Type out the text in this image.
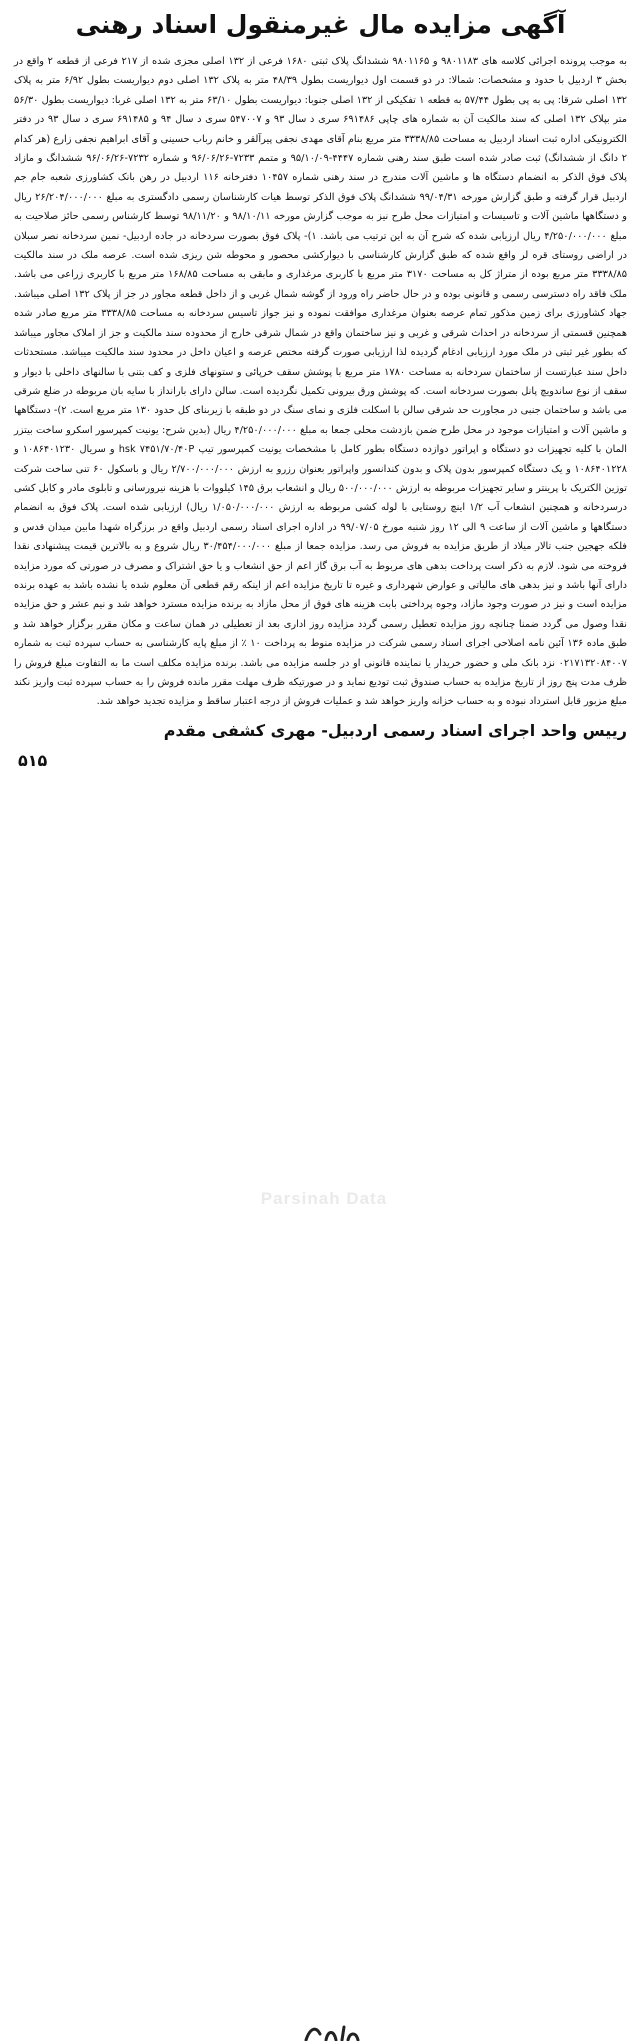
آگهی مزایده مال غیرمنقول اسناد رهنی

به موجب پرونده اجرائی کلاسه های ۹۸۰۱۱۸۳ و ۹۸۰۱۱۶۵ ششدانگ پلاک ثبتی ۱۶۸۰ فرعی از ۱۳۲ اصلی مجزی شده از ۲۱۷ فرعی از قطعه ۲ واقع در بخش ۳ اردبیل با حدود و مشخصات: شمالا: در دو قسمت اول دیواریست بطول ۴۸/۳۹ متر به پلاک ۱۳۲ اصلی دوم دیواریست بطول ۶/۹۲ متر به پلاک ۱۳۲ اصلی شرقا: پی به پی بطول ۵۷/۴۴ به قطعه ۱ تفکیکی از ۱۳۲ اصلی جنوبا: دیواریست بطول ۶۳/۱۰ متر به ۱۳۲ اصلی غربا: دیواریست بطول ۵۶/۳۰ متر بپلاک ۱۳۲ اصلی که سند مالکیت آن به شماره های چاپی ۶۹۱۴۸۶ سری د سال ۹۳ و ۵۴۷۰۰۷ سری د سال ۹۴ و ۶۹۱۴۸۵ سری د سال ۹۳ در دفتر الکترونیکی اداره ثبت اسناد اردبیل به مساحت ۳۳۳۸/۸۵ متر مربع بنام آقای مهدی نجفی پیرآلقر و خانم رباب حسینی و آقای ابراهیم نجفی زارع (هر کدام ۲ دانگ از ششدانگ) ثبت صادر شده است طبق سند رهنی شماره ۴۴۴۷-۹۵/۱۰/۰۹ و متمم ۷۲۳۳-۹۶/۰۶/۲۶ و شماره ۷۲۳۲-۹۶/۰۶/۲۶ ششدانگ و مازاد پلاک فوق الذکر به انضمام دستگاه ها و ماشین آلات مندرج در سند رهنی شماره ۱۰۴۵۷ دفترخانه ۱۱۶ اردبیل در رهن بانک کشاورزی شعبه جام جم اردبیل قرار گرفته و طبق گزارش مورخه ۹۹/۰۴/۳۱ ششدانگ پلاک فوق الذکر توسط هیات کارشناسان رسمی دادگستری به مبلغ ۲۶/۲۰۴/۰۰۰/۰۰۰ ریال و دستگاهها ماشین آلات و تاسیسات و امتیازات محل طرح نیز به موجب گزارش مورخه ۹۸/۱۰/۱۱ و ۹۸/۱۱/۲۰ توسط کارشناس رسمی حائز صلاحیت به مبلغ ۴/۲۵۰/۰۰۰/۰۰۰ ریال ارزیابی شده که شرح آن به این ترتیب می باشد. ۱)- پلاک فوق بصورت سردخانه در جاده اردبیل- نمین سردخانه نصر سبلان در اراضی روستای قره لر واقع شده که طبق گزارش کارشناسی با دیوارکشی محصور و محوطه شن ریزی شده است. عرصه ملک در سند مالکیت ۳۳۳۸/۸۵ متر مربع بوده از متراژ کل به مساحت ۳۱۷۰ متر مربع با کاربری مرغداری و مابقی به مساحت ۱۶۸/۸۵ متر مربع با کاربری زراعی می باشد. ملک فاقد راه دسترسی رسمی و قانونی بوده و در حال حاضر راه ورود از گوشه شمال غربی و از داخل قطعه مجاور در جز از پلاک ۱۳۲ اصلی میباشد. جهاد کشاورزی برای زمین مذکور تمام عرصه بعنوان مرغداری موافقت نموده و نیز جواز تاسیس سردخانه به مساحت ۳۳۳۸/۸۵ متر مربع صادر شده همچنین قسمتی از سردخانه در احداث شرقی و غربی و نیز ساختمان واقع در شمال شرقی خارج از محدوده سند مالکیت و جز از املاک مجاور میباشد که بطور غیر ثبتی در ملک مورد ارزیابی ادغام گردیده لذا ارزیابی صورت گرفته مختص عرصه و اعیان داخل در محدود سند مالکیت میباشد. مستحدثات داخل سند عبارتست از ساختمان سردخانه به مساحت ۱۷۸۰ متر مربع با پوشش سقف خرپائی و ستونهای فلزی و کف بتنی با سالنهای داخلی با دیوار و سقف از نوع ساندویچ پانل بصورت سردخانه است. که پوشش ورق بیرونی تکمیل نگردیده است. سالن دارای بارانداز با سایه بان مربوطه در ضلع شرقی می باشد و ساختمان جنبی در مجاورت حد شرقی سالن با اسکلت فلزی و نمای سنگ در دو طبقه با زیربنای کل حدود ۱۳۰ متر مربع است. ۲)- دستگاهها و ماشین آلات و امتیازات موجود در محل طرح ضمن بازدشت محلی جمعا به مبلغ ۴/۲۵۰/۰۰۰/۰۰۰ ریال (بدین شرح: یونیت کمپرسور اسکرو ساخت بیتزر المان با کلیه تجهیزات دو دستگاه و اپراتور دوازده دستگاه بطور کامل با مشخصات یونیت کمپرسور تیپ hsk ۷۴۵۱/۷۰/۴۰P و سریال ۱۰۸۶۴۰۱۲۳۰ و ۱۰۸۶۴۰۱۲۲۸ و یک دستگاه کمپرسور بدون پلاک و بدون کندانسور واپراتور بعنوان رزرو به ارزش ۲/۷۰۰/۰۰۰/۰۰۰ ریال و باسکول ۶۰ تنی ساخت شرکت توزین الکتریک با پرینتر و سایر تجهیزات مربوطه به ارزش ۵۰۰/۰۰۰/۰۰۰ ریال و انشعاب برق ۱۴۵ کیلووات با هزینه نیرورسانی و تابلوی مادر و کابل کشی درسردخانه و همچنین انشعاب آب ۱/۲ اینچ روستایی با لوله کشی مربوطه به ارزش ۱/۰۵۰/۰۰۰/۰۰۰ ریال) ارزیابی شده است. پلاک فوق به انضمام دستگاهها و ماشین آلات از ساعت ۹ الی ۱۲ روز شنبه مورخ ۹۹/۰۷/۰۵ در اداره اجرای اسناد رسمی اردبیل واقع در برزگراه شهدا مابین میدان قدس و فلکه جهجین جنب تالار میلاد از طریق مزایده به فروش می رسد. مزایده جمعا از مبلغ ۳۰/۴۵۴/۰۰۰/۰۰۰ ریال شروع و به بالاترین قیمت پیشنهادی نقدا فروخته می شود. لازم به ذکر است پرداخت بدهی های مربوط به آب برق گاز اعم از حق انشعاب و یا حق اشتراک و مصرف در صورتی که مورد مزایده دارای آنها باشد و نیز بدهی های مالیاتی و عوارض شهرداری و غیره تا تاریخ مزایده اعم از اینکه رقم قطعی آن معلوم شده یا نشده باشد به عهده برنده مزایده است و نیز در صورت وجود مازاد، وجوه پرداختی بابت هزینه های فوق از محل مازاد به برنده مزایده مسترد خواهد شد و نیم عشر و حق مزایده نقدا وصول می گردد ضمنا چنانچه روز مزایده تعطیل رسمی گردد مزایده روز اداری بعد از تعطیلی در همان ساعت و مکان مقرر برگزار خواهد شد و طبق ماده ۱۳۶ آئین نامه اصلاحی اجرای اسناد رسمی شرکت در مزایده منوط به پرداخت ۱۰ ٪ از مبلغ پایه کارشناسی به حساب سپرده ثبت به شماره ۰۲۱۷۱۳۲۰۸۴۰۰۷ نزد بانک ملی و حضور خریدار یا نماینده قانونی او در جلسه مزایده می باشد. برنده مزایده مکلف است ما به التفاوت مبلغ فروش را ظرف مدت پنج روز از تاریخ مزایده به حساب صندوق ثبت تودیع نماید و در صورتیکه ظرف مهلت مقرر مانده فروش را به حساب سپرده ثبت واریز نکند مبلغ مزبور قابل استرداد نبوده و به حساب خزانه واریز خواهد شد و عملیات فروش از درجه اعتبار ساقط و مزایده تجدید خواهد شد.

رییس واحد اجرای اسناد رسمی اردبیل- مهری کشفی مقدم
۵۱۵
Parsinah Data
